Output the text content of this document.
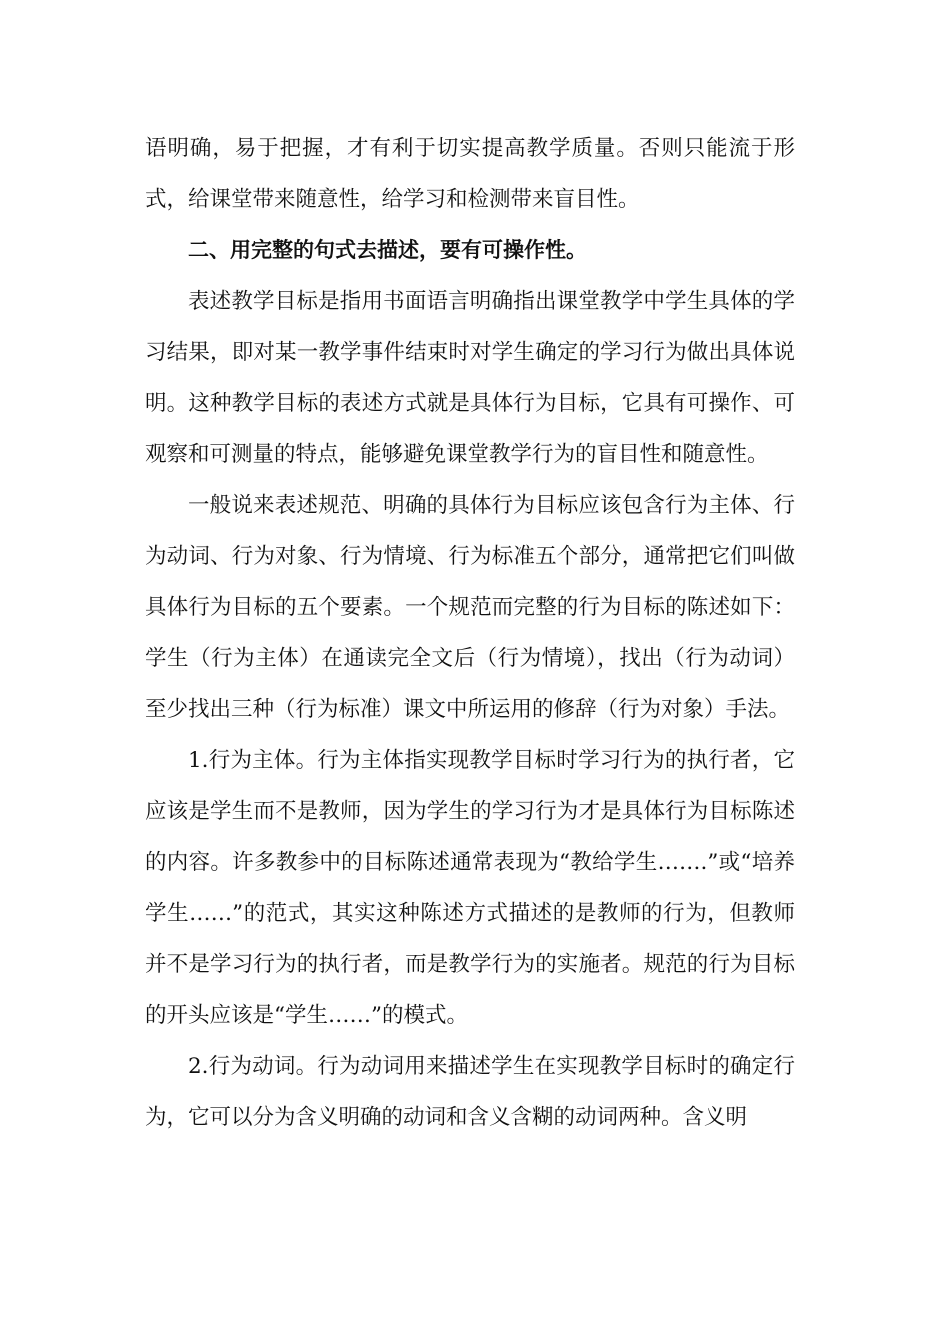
语明确，易于把握，才有利于切实提高教学质量。否则只能流于形式，给课堂带来随意性，给学习和检测带来盲目性。

二、用完整的句式去描述，要有可操作性。

表述教学目标是指用书面语言明确指出课堂教学中学生具体的学习结果，即对某一教学事件结束时对学生确定的学习行为做出具体说明。这种教学目标的表述方式就是具体行为目标，它具有可操作、可观察和可测量的特点，能够避免课堂教学行为的盲目性和随意性。

一般说来表述规范、明确的具体行为目标应该包含行为主体、行为动词、行为对象、行为情境、行为标准五个部分，通常把它们叫做具体行为目标的五个要素。一个规范而完整的行为目标的陈述如下：学生（行为主体）在通读完全文后（行为情境），找出（行为动词）至少找出三种（行为标准）课文中所运用的修辞（行为对象）手法。

1.行为主体。行为主体指实现教学目标时学习行为的执行者，它应该是学生而不是教师，因为学生的学习行为才是具体行为目标陈述的内容。许多教参中的目标陈述通常表现为“教给学生…….”或“培养学生……”的范式，其实这种陈述方式描述的是教师的行为，但教师并不是学习行为的执行者，而是教学行为的实施者。规范的行为目标的开头应该是“学生……”的模式。

2.行为动词。行为动词用来描述学生在实现教学目标时的确定行为，它可以分为含义明确的动词和含义含糊的动词两种。含义明
